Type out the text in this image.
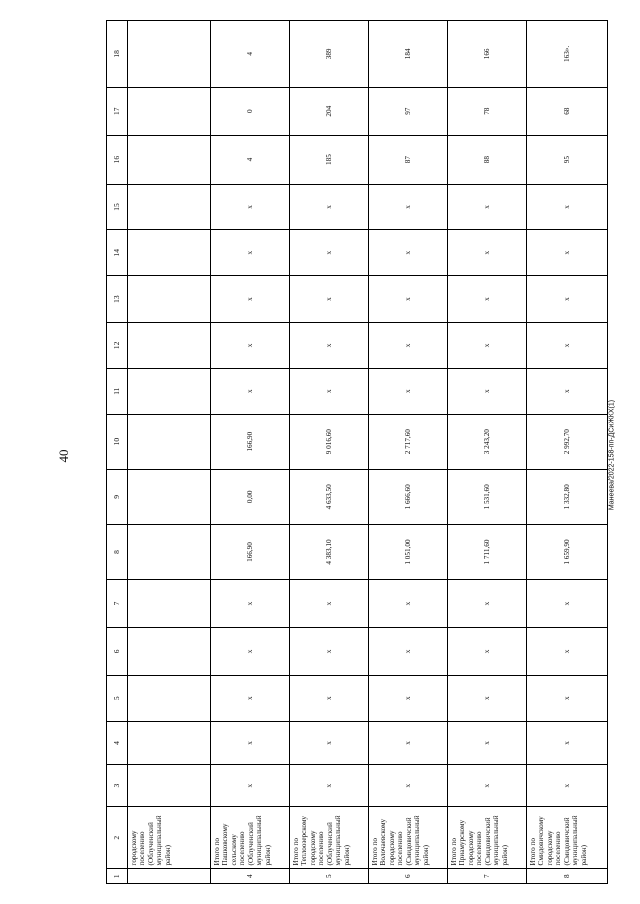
40	Манеева/2022-158-пп-ДСиЖКХ(1)
1	2	3	4	5	6	7	8	9	10	11	12	13	14	15	16	17	18
	городскому поселению (Облученский муниципальный район)																
4	Итого по Пашковскому сельскому поселению (Облученский муниципальный район)	x	x	x	x	x	166,90	0,00	166,90	x	x	x	x	x	4	0	4
5	Итого по Теплоозерскому городскому поселению (Облученский муниципальный район)	x	x	x	x	x	4 383,10	4 633,50	9 016,60	x	x	x	x	x	185	204	389
6	Итого по Волочаевскому городскому поселению (Смидовичский муниципальный район)	x	x	x	x	x	1 051,00	1 666,60	2 717,60	x	x	x	x	x	87	97	184
7	Итого по Приамурскому городскому поселению (Смидовичский муниципальный район)	x	x	x	x	x	1 711,60	1 531,60	3 243,20	x	x	x	x	x	88	78	166
8	Итого по Смидовичскому городскому поселению (Смидовичский муниципальный район)	x	x	x	x	x	1 659,90	1 332,80	2 992,70	x	x	x	x	x	95	68	163».
